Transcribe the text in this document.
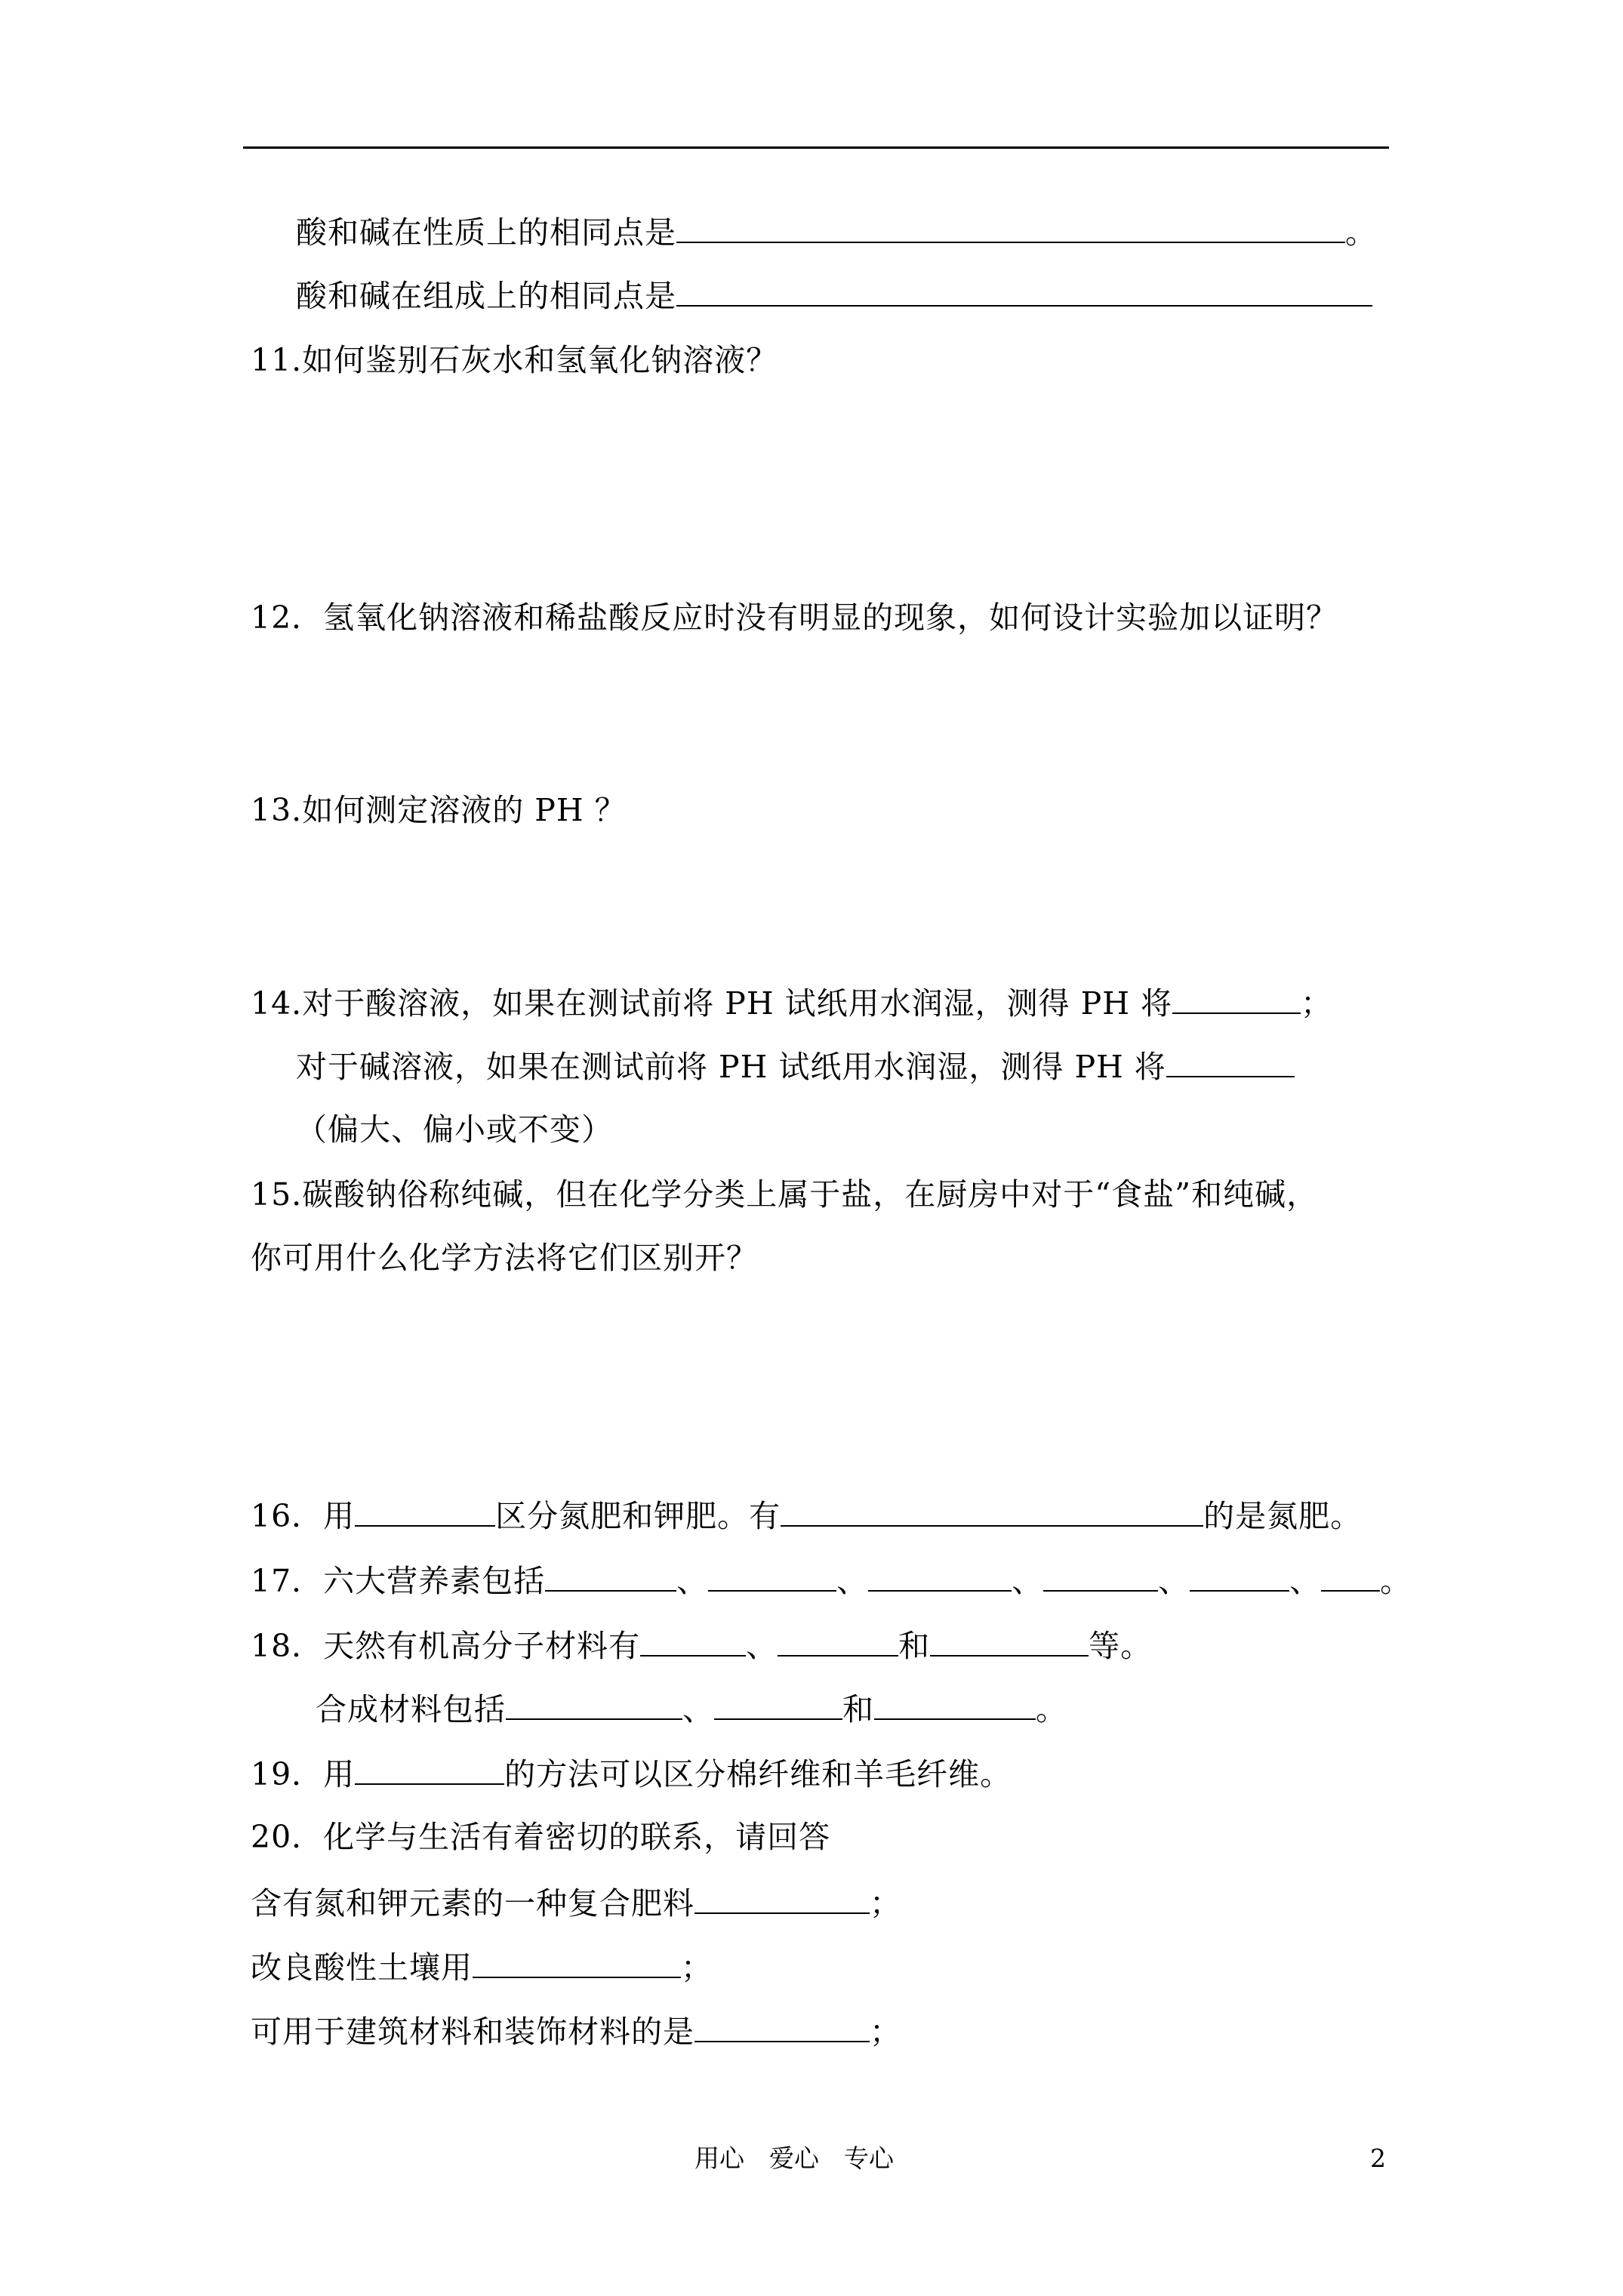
酸和碱在性质上的相同点是	。
酸和碱在组成上的相同点是
11.如何鉴别石灰水和氢氧化钠溶液？
12．氢氧化钠溶液和稀盐酸反应时没有明显的现象，如何设计实验加以证明？
13.如何测定溶液的 PH ？
14.对于酸溶液，如果在测试前将 PH 试纸用水润湿，测得 PH 将	；
对于碱溶液，如果在测试前将 PH 试纸用水润湿，测得 PH 将
（偏大、偏小或不变）
15.碳酸钠俗称纯碱，但在化学分类上属于盐，在厨房中对于“食盐”和纯碱，
你可用什么化学方法将它们区别开？
16．用	区分氮肥和钾肥。有	的是氮肥。
17．六大营养素包括	、	、	、	、	、 。
18．天然有机高分子材料有	、	和	等。
合成材料包括	、	和	。
19．用	的方法可以区分棉纤维和羊毛纤维。
20．化学与生活有着密切的联系，请回答
含有氮和钾元素的一种复合肥料	；
改良酸性土壤用	；
可用于建筑材料和装饰材料的是	；
用心　爱心　专心	2
